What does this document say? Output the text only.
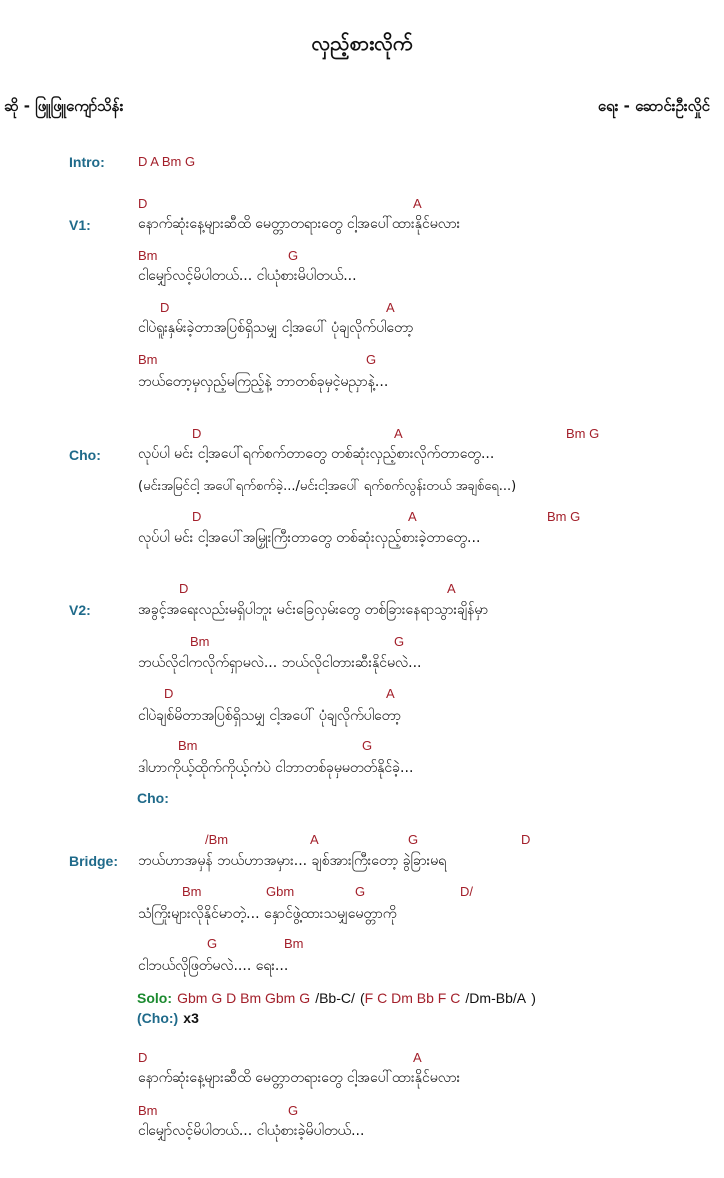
လှည့်စားလိုက်
ဆို - ဖြူဖြူကျော်သိန်း	ရေး - ဆောင်းဦးလှိုင်
Intro:	D A Bm G
D	A
V1:	နောက်ဆုံးနေ့များဆီထိ မေတ္တာတရားတွေ ငါ့အပေါ်ထားနိုင်မလား
Bm	G
ငါမျှော်လင့်မိပါတယ်... ငါယုံစားမိပါတယ်...
D	A
ငါပဲရူးနှမ်းခဲ့တာအပြစ်ရှိသမျှ ငါ့အပေါ် ပုံချလိုက်ပါတော့
Bm	G
ဘယ်တော့မှလှည့်မကြည့်နဲ့ ဘာတစ်ခုမှငဲ့မညှာနဲ့...
D	A	Bm G
Cho:	လုပ်ပါ မင်း ငါ့အပေါ်ရက်စက်တာတွေ တစ်ဆုံးလှည့်စားလိုက်တာတွေ...
(မင်းအမြင်ငါ့ အပေါ်ရက်စက်ခဲ့.../မင်းငါ့အပေါ် ရက်စက်လွန်းတယ် အချစ်ရေ...)
D	A	Bm G
လုပ်ပါ မင်း ငါ့အပေါ်အမြှုးကြီးတာတွေ တစ်ဆုံးလှည့်စားခဲ့တာတွေ...
D	A
V2:	အခွင့်အရေးလည်းမရှိပါဘူး မင်းခြေလှမ်းတွေ တစ်ခြားနေရာသွားချိန်မှာ
Bm	G
ဘယ်လိုငါကလိုက်ရှာမလဲ... ဘယ်လိုငါတားဆီးနိုင်မလဲ...
D	A
ငါပဲချစ်မိတာအပြစ်ရှိသမျှ ငါ့အပေါ် ပုံချလိုက်ပါတော့
Bm	G
ဒါဟာကိုယ့်ထိုက်ကိုယ့်ကံပဲ ငါဘာတစ်ခုမှမတတ်နိုင်ခဲ့...
Cho:
/Bm	A	G	D
Bridge: ဘယ်ဟာအမှန် ဘယ်ဟာအမှား... ချစ်အားကြီးတော့ ခွဲခြားမရ
Bm	Gbm	G	D/
သံကြိုးများလိုနိုင်မာတဲ့... နှောင်ဖွဲ့ထားသမျှမေတ္တာကို
G	Bm
ငါဘယ်လိုဖြတ်မလဲ.... ရေး...
Solo: Gbm G D Bm Gbm G /Bb-C/ (F C Dm Bb F C /Dm-Bb/A )
(Cho:) x3
D	A
နောက်ဆုံးနေ့များဆီထိ မေတ္တာတရားတွေ ငါ့အပေါ်ထားနိုင်မလား
Bm	G
ငါမျှော်လင့်မိပါတယ်... ငါယုံစားခဲ့မိပါတယ်...
